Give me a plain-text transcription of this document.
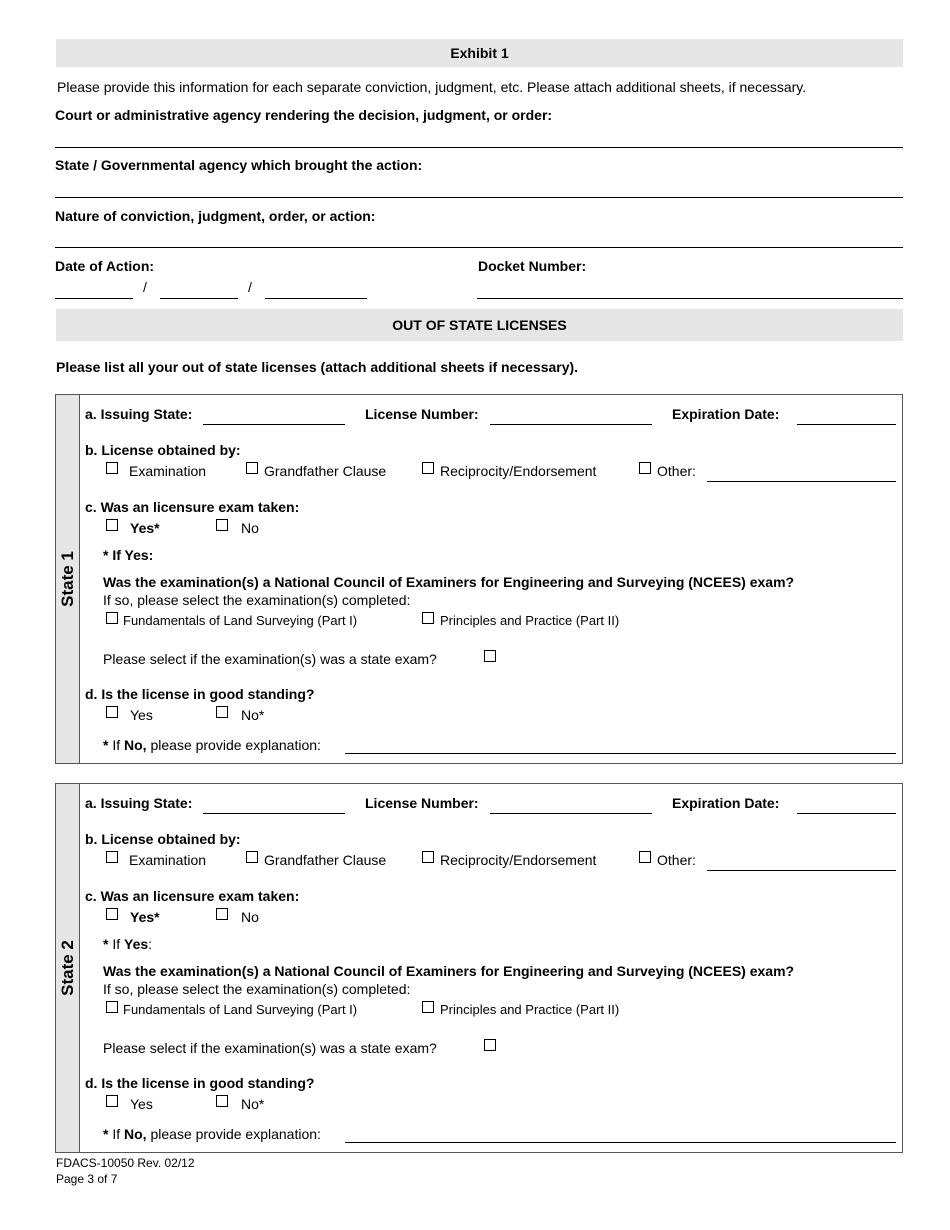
Exhibit 1
Please provide this information for each separate conviction, judgment, etc. Please attach additional sheets, if necessary.
Court or administrative agency rendering the decision, judgment, or order:
State / Governmental agency which brought the action:
Nature of conviction, judgment, order, or action:
Date of Action:
/	/
Docket Number:
OUT OF STATE LICENSES
Please list all your out of state licenses (attach additional sheets if necessary).
State 1
a. Issuing State:	License Number:	Expiration Date:
b. License obtained by:
Examination	Grandfather Clause	Reciprocity/Endorsement	Other:
c. Was an licensure exam taken:
Yes*	No
* If Yes:
Was the examination(s) a National Council of Examiners for Engineering and Surveying (NCEES) exam?
If so, please select the examination(s) completed:
Fundamentals of Land Surveying (Part I)	Principles and Practice (Part II)
Please select if the examination(s) was a state exam?
d. Is the license in good standing?
Yes	No*
* If No, please provide explanation:
State 2
a. Issuing State:	License Number:	Expiration Date:
b. License obtained by:
Examination	Grandfather Clause	Reciprocity/Endorsement	Other:
c. Was an licensure exam taken:
Yes*	No
* If Yes:
Was the examination(s) a National Council of Examiners for Engineering and Surveying (NCEES) exam?
If so, please select the examination(s) completed:
Fundamentals of Land Surveying (Part I)	Principles and Practice (Part II)
Please select if the examination(s) was a state exam?
d. Is the license in good standing?
Yes	No*
* If No, please provide explanation:
FDACS-10050 Rev. 02/12
Page 3 of 7
